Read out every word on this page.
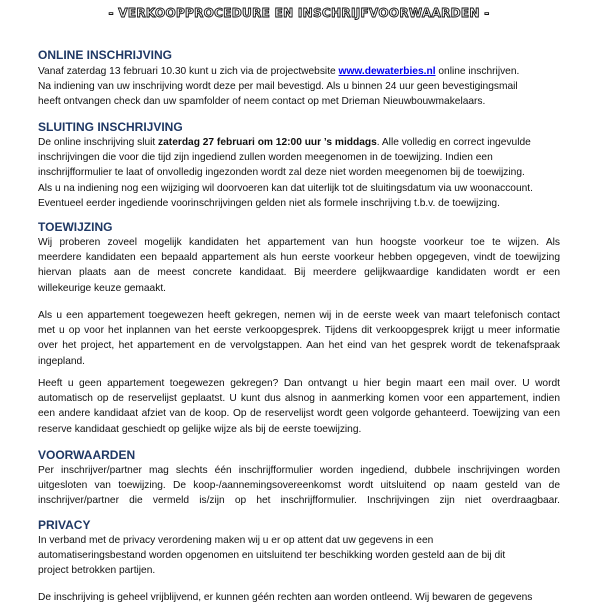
- VERKOOPPROCEDURE EN INSCHRIJFVOORWAARDEN -
ONLINE INSCHRIJVING
Vanaf zaterdag 13 februari 10.30 kunt u zich via de projectwebsite www.dewaterbies.nl online inschrijven.
Na indiening van uw inschrijving wordt deze per mail bevestigd. Als u binnen 24 uur geen bevestigingsmail
heeft ontvangen check dan uw spamfolder of neem contact op met Drieman Nieuwbouwmakelaars.
SLUITING INSCHRIJVING
De online inschrijving sluit zaterdag 27 februari om 12:00 uur ’s middags. Alle volledig en correct ingevulde
inschrijvingen die voor die tijd zijn ingediend zullen worden meegenomen in de toewijzing. Indien een
inschrijfformulier te laat of onvolledig ingezonden wordt zal deze niet worden meegenomen bij de toewijzing.
Als u na indiening nog een wijziging wil doorvoeren kan dat uiterlijk tot de sluitingsdatum via uw woonaccount.
Eventueel eerder ingediende voorinschrijvingen gelden niet als formele inschrijving t.b.v. de toewijzing.
TOEWIJZING
Wij proberen zoveel mogelijk kandidaten het appartement van hun hoogste voorkeur toe te wijzen. Als
meerdere kandidaten een bepaald appartement als hun eerste voorkeur hebben opgegeven, vindt de toewijzing
hiervan plaats aan de meest concrete kandidaat. Bij meerdere gelijkwaardige kandidaten wordt er een
willekeurige keuze gemaakt.
Als u een appartement toegewezen heeft gekregen, nemen wij in de eerste week van maart telefonisch contact
met u op voor het inplannen van het eerste verkoopgesprek. Tijdens dit verkoopgesprek krijgt u meer informatie
over het project, het appartement en de vervolgstappen. Aan het eind van het gesprek wordt de tekenafspraak
ingepland.
Heeft u geen appartement toegewezen gekregen? Dan ontvangt u hier begin maart een mail over. U wordt
automatisch op de reservelijst geplaatst. U kunt dus alsnog in aanmerking komen voor een appartement, indien
een andere kandidaat afziet van de koop. Op de reservelijst wordt geen volgorde gehanteerd. Toewijzing van een
reserve kandidaat geschiedt op gelijke wijze als bij de eerste toewijzing.
VOORWAARDEN
Per inschrijver/partner mag slechts één inschrijfformulier worden ingediend, dubbele inschrijvingen worden
uitgesloten van toewijzing. De koop-/aannemingsovereenkomst wordt uitsluitend op naam gesteld van de
inschrijver/partner die vermeld is/zijn op het inschrijfformulier. Inschrijvingen zijn niet overdraagbaar.
PRIVACY
In verband met de privacy verordening maken wij u er op attent dat uw gegevens in een
automatiseringsbestand worden opgenomen en uitsluitend ter beschikking worden gesteld aan de bij dit
project betrokken partijen.
De inschrijving is geheel vrijblijvend, er kunnen géén rechten aan worden ontleend. Wij bewaren de gegevens
